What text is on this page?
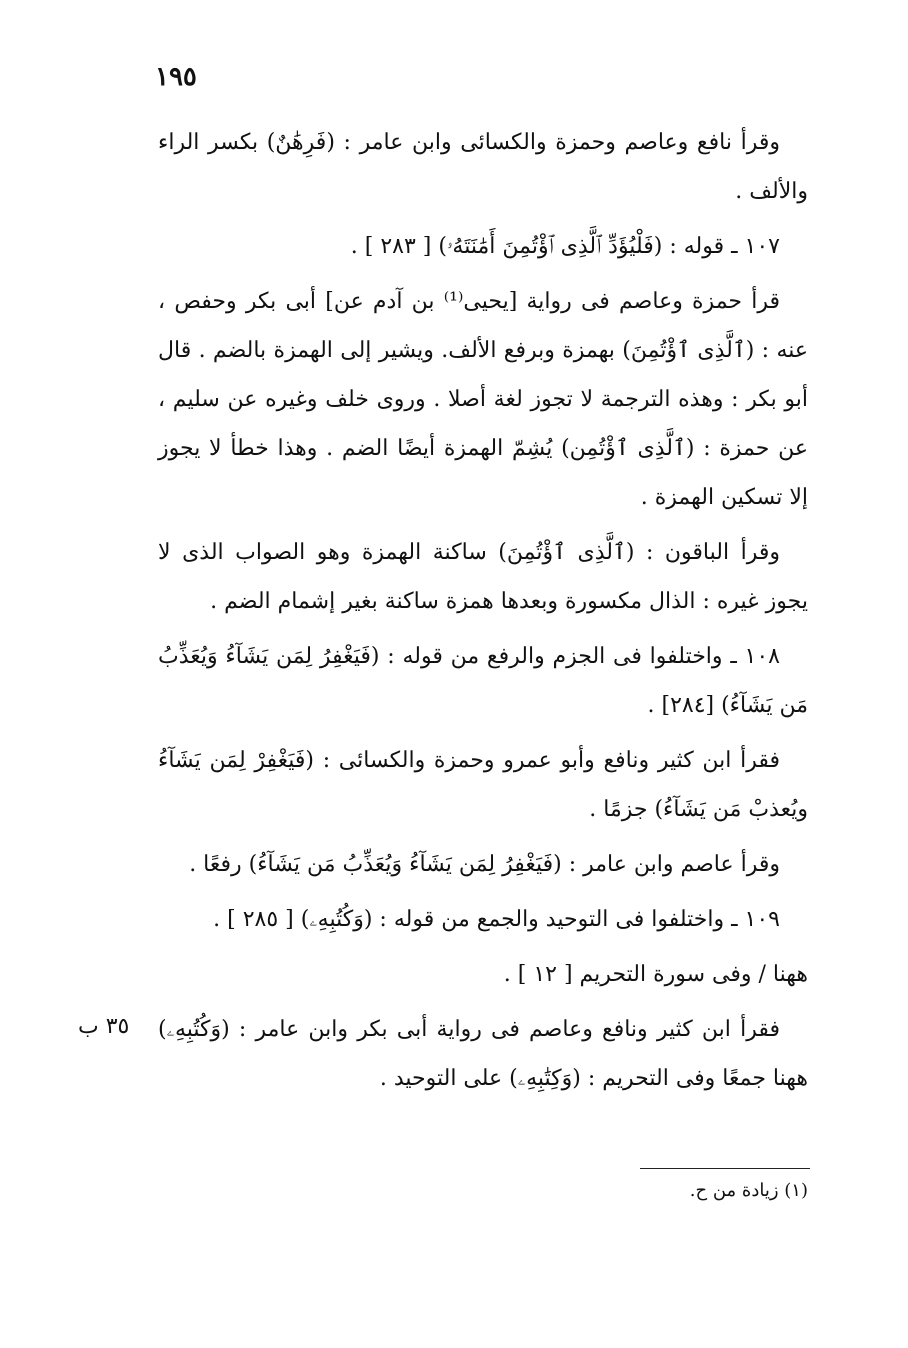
١٩٥

وقرأ نافع وعاصم وحمزة والكسائى وابن عامر : (فَرِهَٰنٌ) بكسر الراء والألف .

١٠٧ ـ قوله : (فَلْيُؤَدِّ ٱلَّذِى ٱؤْتُمِنَ أَمَٰنَتَهُۥ) [ ٢٨٣ ] .

قرأ حمزة وعاصم فى رواية [يحيى⁽¹⁾ بن آدم عن] أبى بكر وحفص ، عنه : (ٱلَّذِى ٱؤْتُمِنَ) بهمزة وبرفع الألف. ويشير إلى الهمزة بالضم . قال أبو بكر : وهذه الترجمة لا تجوز لغة أصلا . وروى خلف وغيره عن سليم ، عن حمزة : (ٱلَّذِى ٱؤْتُمِن) يُشِمّ الهمزة أيضًا الضم . وهذا خطأ لا يجوز إلا تسكين الهمزة .

وقرأ الباقون : (ٱلَّذِى ٱؤْتُمِنَ) ساكنة الهمزة وهو الصواب الذى لا يجوز غيره : الذال مكسورة وبعدها همزة ساكنة بغير إشمام الضم .

١٠٨ ـ واختلفوا فى الجزم والرفع من قوله : (فَيَغْفِرُ لِمَن يَشَآءُ وَيُعَذِّبُ مَن يَشَآءُ) [٢٨٤] .

فقرأ ابن كثير ونافع وأبو عمرو وحمزة والكسائى : (فَيَغْفِرْ لِمَن يَشَآءُ ويُعذبْ مَن يَشَآءُ) جزمًا .

وقرأ عاصم وابن عامر : (فَيَغْفِرُ لِمَن يَشَآءُ وَيُعَذِّبُ مَن يَشَآءُ) رفعًا .

١٠٩ ـ واختلفوا فى التوحيد والجمع من قوله : (وَكُتُبِهِۦ) [ ٢٨٥ ] .

ههنا / وفى سورة التحريم [ ١٢ ] .

فقرأ ابن كثير ونافع وعاصم فى رواية أبى بكر وابن عامر : (وَكُتُبِهِۦ) ههنا جمعًا وفى التحريم : (وَكِتَٰبِهِۦ) على التوحيد .

٣٥ ب
(١) زيادة من ح.
